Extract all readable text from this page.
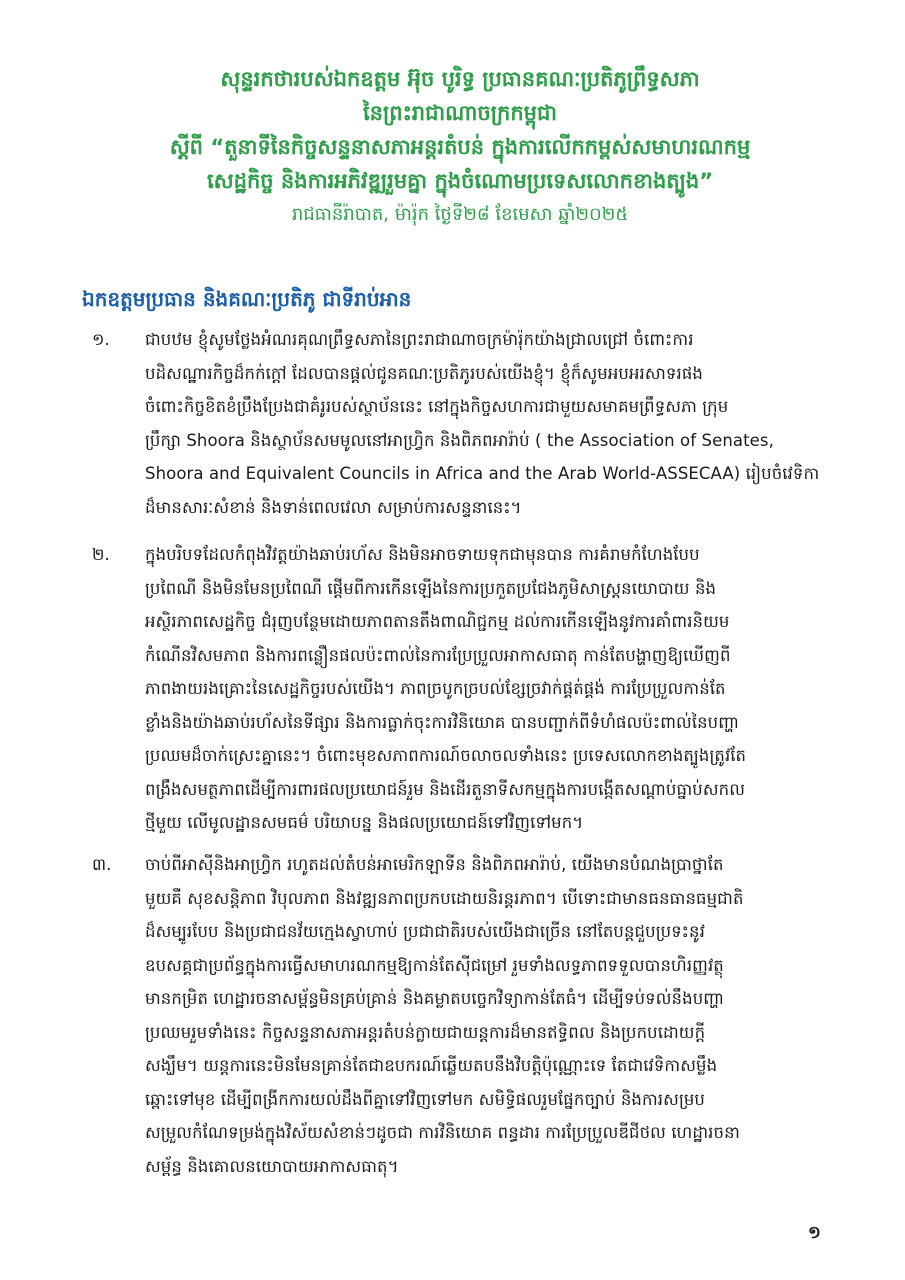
សុន្ទរកថារបស់ឯកឧត្តម អ៊ុច បូរិទ្ធ ប្រធានគណៈប្រតិភូព្រឹទ្ធសភា
នៃព្រះរាជាណាចក្រកម្ពុជា
ស្តីពី “តួនាទីនៃកិច្ចសន្ទនាសភាអន្តរតំបន់ ក្នុងការលើកកម្ពស់សមាហរណកម្ម
សេដ្ឋកិច្ច និងការអភិវឌ្ឍរួមគ្នា ក្នុងចំណោមប្រទេសលោកខាងត្បូង”
រាជធានីរ៉ាបាត, ម៉ារ៉ុក ថ្ងៃទី២៨ ខែមេសា ឆ្នាំ២០២៥
ឯកឧត្តមប្រធាន និងគណៈប្រតិភូ ជាទីរាប់អាន
១.	ជាបឋម ខ្ញុំសូមថ្លែងអំណរគុណព្រឹទ្ធសភានៃព្រះរាជាណាចក្រម៉ារ៉ុកយ៉ាងជ្រាលជ្រៅ ចំពោះការ
បដិសណ្ឋារកិច្ចដ៏កក់ក្ដៅ ដែលបានផ្ដល់ជូនគណៈប្រតិភូរបស់យើងខ្ញុំ។ ខ្ញុំក៏សូមអបអរសាទរផង
ចំពោះកិច្ចខិតខំប្រឹងប្រែងជាគំរូរបស់ស្ថាប័ននេះ នៅក្នុងកិច្ចសហការជាមួយសមាគមព្រឹទ្ធសភា ក្រុម
ប្រឹក្សា Shoora និងស្ថាប័នសមមូលនៅអាហ្វ្រិក និងពិភពអារ៉ាប់ ( the Association of Senates,
Shoora and Equivalent Councils in Africa and the Arab World-ASSECAA) រៀបចំវេទិកា
ដ៏មានសារៈសំខាន់ និងទាន់ពេលវេលា សម្រាប់ការសន្ទនានេះ។
២.	ក្នុងបរិបទដែលកំពុងវិវត្តយ៉ាងឆាប់រហ័ស និងមិនអាចទាយទុកជាមុនបាន ការគំរាមកំហែងបែប
ប្រពៃណី និងមិនមែនប្រពៃណី ផ្ដើមពីការកើនឡើងនៃការប្រកួតប្រជែងភូមិសាស្ត្រនយោបាយ និង
អស្ថិរភាពសេដ្ឋកិច្ច ជំរុញបន្ថែមដោយភាពតានតឹងពាណិជ្ជកម្ម ដល់ការកើនឡើងនូវការគាំពារនិយម
កំណើនវិសមភាព និងការពន្លឿនផលប៉ះពាល់នៃការប្រែប្រួលអាកាសធាតុ កាន់តែបង្ហាញឱ្យឃើញពី
ភាពងាយរងគ្រោះនៃសេដ្ឋកិច្ចរបស់យើង។ ភាពច្របូកច្របល់ខ្សែច្រវាក់ផ្គត់ផ្គង់ ការប្រែប្រួលកាន់តែ
ខ្លាំងនិងយ៉ាងឆាប់រហ័សនៃទីផ្សារ និងការធ្លាក់ចុះការវិនិយោគ បានបញ្ជាក់ពីទំហំផលប៉ះពាល់នៃបញ្ហា
ប្រឈមដ៏ចាក់ស្រេះគ្នានេះ។ ចំពោះមុខសភាពការណ៍ចលាចលទាំងនេះ ប្រទេសលោកខាងត្បូងត្រូវតែ
ពង្រឹងសមត្ថភាពដើម្បីការពារផលប្រយោជន៍រួម និងដើរតួនាទីសកម្មក្នុងការបង្កើតសណ្ដាប់ធ្នាប់សកល
ថ្មីមួយ លើមូលដ្ឋានសមធម៌ បរិយាបន្ន និងផលប្រយោជន៍ទៅវិញទៅមក។
៣.	ចាប់ពីអាស៊ីនិងអាហ្វ្រិក រហូតដល់តំបន់អាមេរិកឡាទីន និងពិភពអារ៉ាប់, យើងមានបំណងប្រាថ្នាតែ
មួយគឺ សុខសន្តិភាព វិបុលភាព និងវឌ្ឍនភាពប្រកបដោយនិរន្តរភាព។ បើទោះជាមានធនធានធម្មជាតិ
ដ៏សម្បូរបែប និងប្រជាជនវ័យក្មេងស្វាហាប់ ប្រជាជាតិរបស់យើងជាច្រើន នៅតែបន្តជួបប្រទះនូវ
ឧបសគ្គជាប្រព័ន្ធក្នុងការធ្វើសមាហរណកម្មឱ្យកាន់តែស៊ីជម្រៅ រួមទាំងលទ្ធភាពទទួលបានហិរញ្ញវត្ថុ
មានកម្រិត ហេដ្ឋារចនាសម្ព័ន្ធមិនគ្រប់គ្រាន់ និងគម្លាតបច្ចេកវិទ្យាកាន់តែធំ។ ដើម្បីទប់ទល់នឹងបញ្ហា
ប្រឈមរួមទាំងនេះ កិច្ចសន្ទនាសភាអន្តរតំបន់ក្លាយជាយន្តការដ៏មានឥទ្ធិពល និងប្រកបដោយក្ដី
សង្ឃឹម។ យន្តការនេះមិនមែនគ្រាន់តែជាឧបករណ៍ឆ្លើយតបនឹងវិបត្តិប៉ុណ្ណោះទេ តែជាវេទិកាសម្លឹង
ឆ្ពោះទៅមុខ ដើម្បីពង្រីកការយល់ដឹងពីគ្នាទៅវិញទៅមក សមិទ្ធិផលរួមផ្នែកច្បាប់ និងការសម្រប
សម្រួលកំណែទម្រង់ក្នុងវិស័យសំខាន់ៗដូចជា ការវិនិយោគ ពន្ធដារ ការប្រែប្រួលឌីជីថល ហេដ្ឋារចនា
សម្ព័ន្ធ និងគោលនយោបាយអាកាសធាតុ។
១
